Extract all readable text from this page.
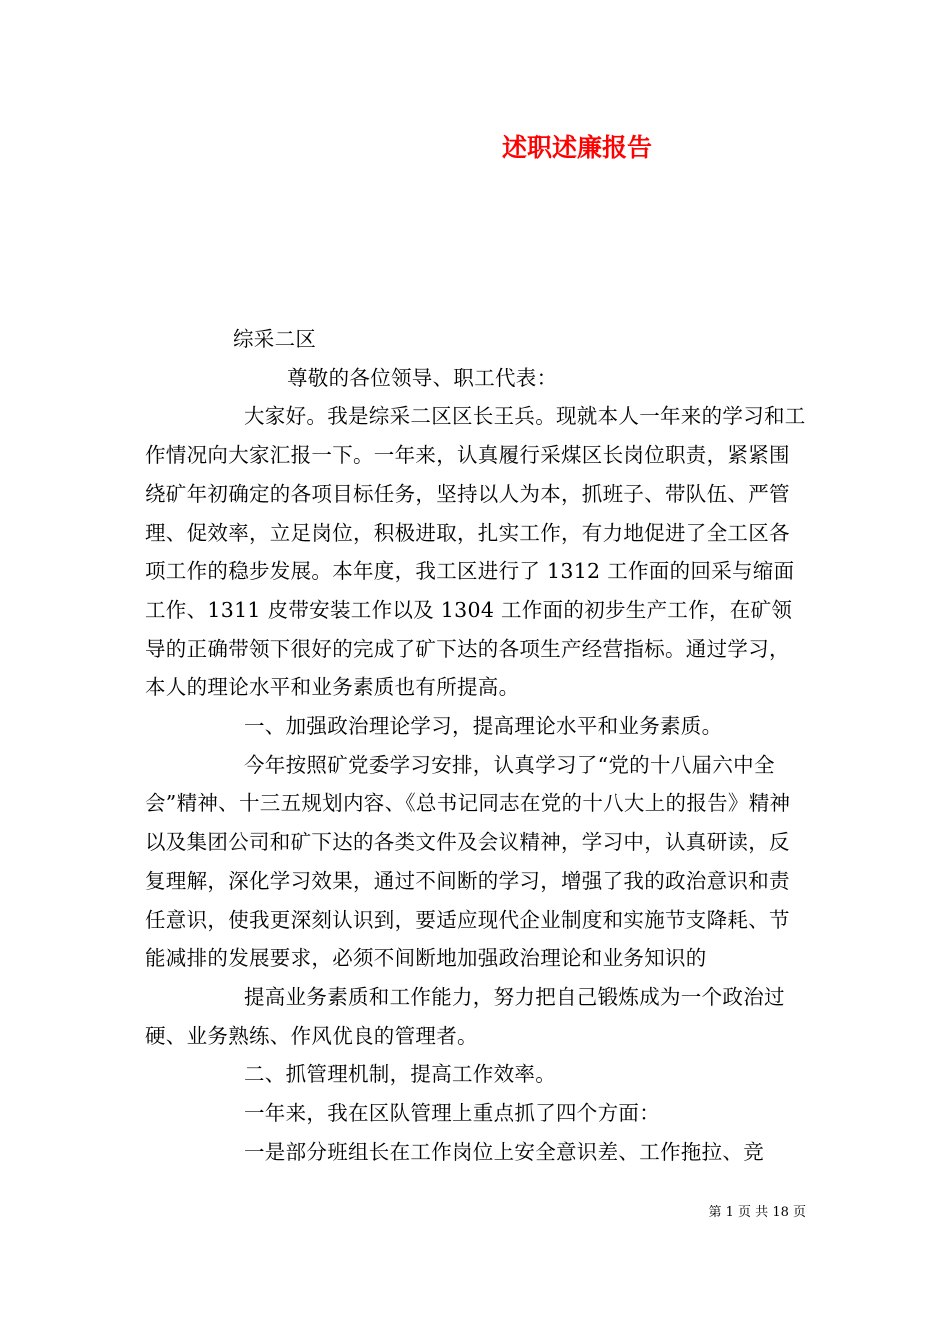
述职述廉报告

综采二区

尊敬的各位领导、职工代表：

大家好。我是综采二区区长王兵。现就本人一年来的学习和工作情况向大家汇报一下。一年来，认真履行采煤区长岗位职责，紧紧围绕矿年初确定的各项目标任务，坚持以人为本，抓班子、带队伍、严管理、促效率，立足岗位，积极进取，扎实工作，有力地促进了全工区各项工作的稳步发展。本年度，我工区进行了 1312 工作面的回采与缩面工作、1311 皮带安装工作以及 1304 工作面的初步生产工作，在矿领导的正确带领下很好的完成了矿下达的各项生产经营指标。通过学习，本人的理论水平和业务素质也有所提高。

一、加强政治理论学习，提高理论水平和业务素质。

今年按照矿党委学习安排，认真学习了“党的十八届六中全会”精神、十三五规划内容、《总书记同志在党的十八大上的报告》精神以及集团公司和矿下达的各类文件及会议精神，学习中，认真研读，反复理解，深化学习效果，通过不间断的学习，增强了我的政治意识和责任意识，使我更深刻认识到，要适应现代企业制度和实施节支降耗、节能减排的发展要求，必须不间断地加强政治理论和业务知识的

提高业务素质和工作能力，努力把自己锻炼成为一个政治过硬、业务熟练、作风优良的管理者。

二、抓管理机制，提高工作效率。

一年来，我在区队管理上重点抓了四个方面：

一是部分班组长在工作岗位上安全意识差、工作拖拉、竞

第 1 页 共 18 页
